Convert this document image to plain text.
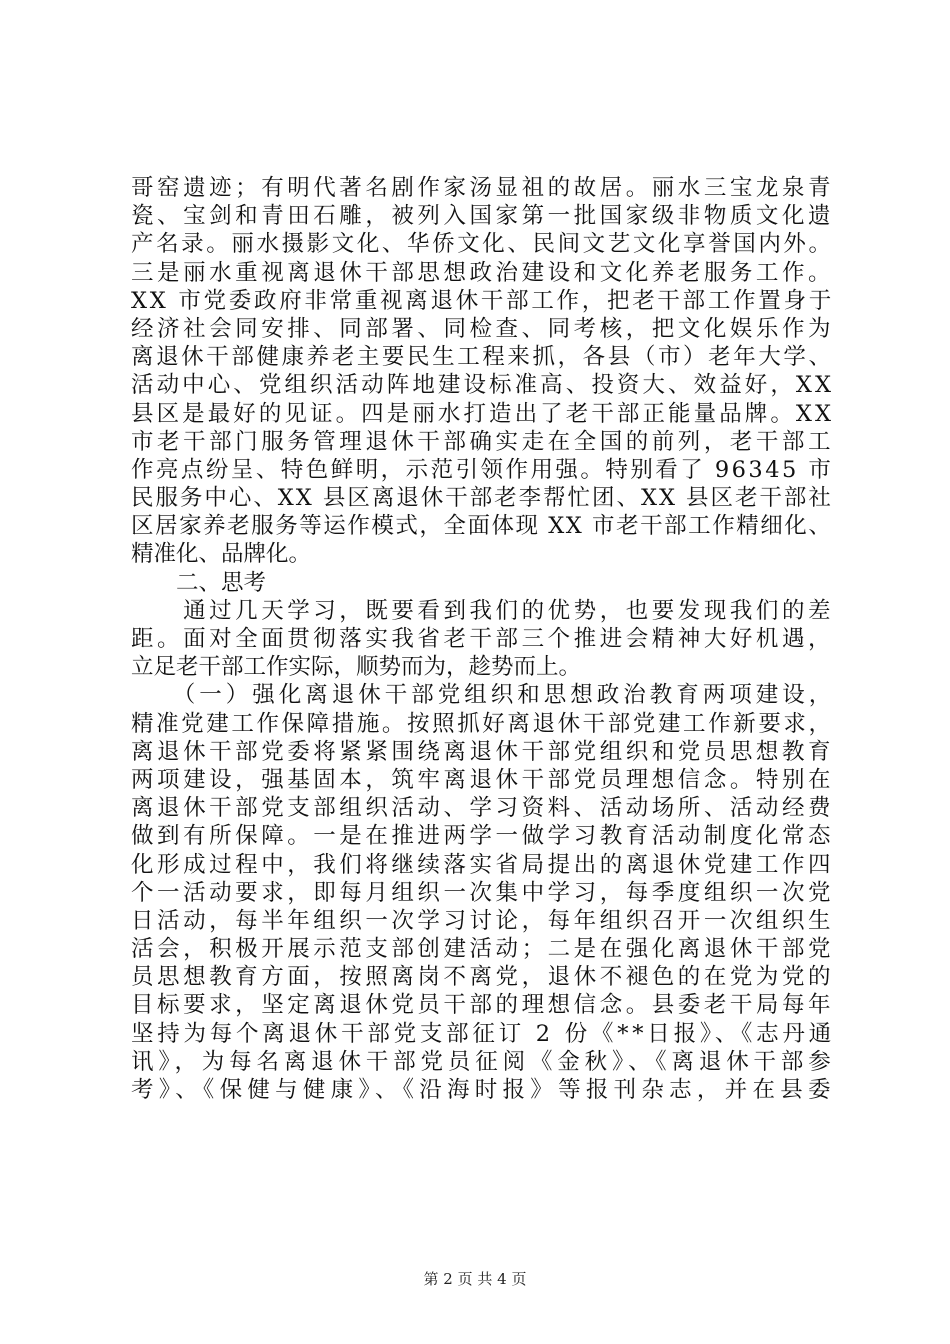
哥窑遗迹；有明代著名剧作家汤显祖的故居。丽水三宝龙泉青
瓷、宝剑和青田石雕，被列入国家第一批国家级非物质文化遗
产名录。丽水摄影文化、华侨文化、民间文艺文化享誉国内外。
三是丽水重视离退休干部思想政治建设和文化养老服务工作。
XX 市党委政府非常重视离退休干部工作，把老干部工作置身于
经济社会同安排、同部署、同检查、同考核，把文化娱乐作为
离退休干部健康养老主要民生工程来抓，各县（市）老年大学、
活动中心、党组织活动阵地建设标准高、投资大、效益好，XX
县区是最好的见证。四是丽水打造出了老干部正能量品牌。XX
市老干部门服务管理退休干部确实走在全国的前列，老干部工
作亮点纷呈、特色鲜明，示范引领作用强。特别看了 96345 市
民服务中心、XX 县区离退休干部老李帮忙团、XX 县区老干部社
区居家养老服务等运作模式，全面体现 XX 市老干部工作精细化、
精准化、品牌化。
　　二、思考
　　通过几天学习，既要看到我们的优势，也要发现我们的差
距。面对全面贯彻落实我省老干部三个推进会精神大好机遇，
立足老干部工作实际，顺势而为，趁势而上。
　　（一）强化离退休干部党组织和思想政治教育两项建设，
精准党建工作保障措施。按照抓好离退休干部党建工作新要求，
离退休干部党委将紧紧围绕离退休干部党组织和党员思想教育
两项建设，强基固本，筑牢离退休干部党员理想信念。特别在
离退休干部党支部组织活动、学习资料、活动场所、活动经费
做到有所保障。一是在推进两学一做学习教育活动制度化常态
化形成过程中，我们将继续落实省局提出的离退休党建工作四
个一活动要求，即每月组织一次集中学习，每季度组织一次党
日活动，每半年组织一次学习讨论，每年组织召开一次组织生
活会，积极开展示范支部创建活动；二是在强化离退休干部党
员思想教育方面，按照离岗不离党，退休不褪色的在党为党的
目标要求，坚定离退休党员干部的理想信念。县委老干局每年
坚持为每个离退休干部党支部征订 2 份《**日报》、《志丹通
讯》，为每名离退休干部党员征阅《金秋》、《离退休干部参
考》、《保健与健康》、《沿海时报》等报刊杂志，并在县委
第 2 页 共 4 页
